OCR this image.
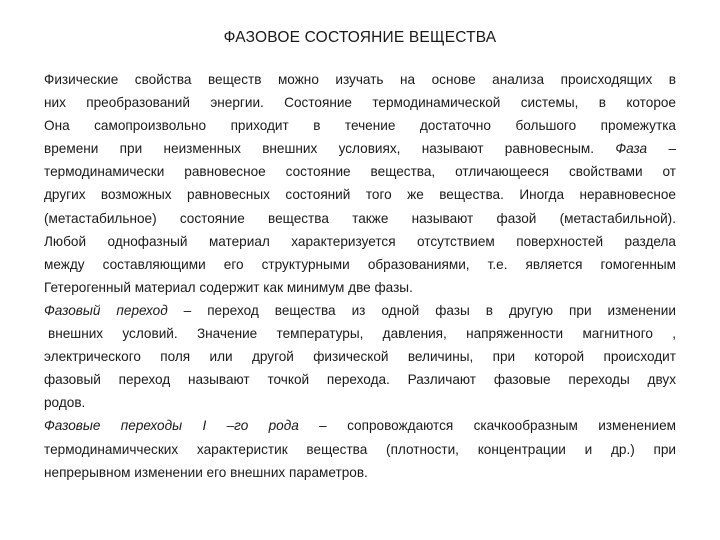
ФАЗОВОЕ СОСТОЯНИЕ ВЕЩЕСТВА
Физические свойства веществ можно изучать на основе анализа происходящих в
них преобразований энергии. Состояние термодинамической системы, в которое
Она самопроизвольно приходит в течение достаточно большого промежутка
времени при неизменных внешних условиях, называют равновесным. Фаза –
термодинамически равновесное состояние вещества, отличающееся свойствами от
других возможных равновесных состояний того же вещества. Иногда неравновесное
(метастабильное) состояние вещества также называют фазой (метастабильной).
Любой однофазный материал характеризуется отсутствием поверхностей раздела
между составляющими его структурными образованиями, т.е. является гомогенным
Гетерогенный материал содержит как минимум две фазы.
Фазовый переход – переход вещества из одной фазы в другую при изменении
внешних условий. Значение температуры, давления, напряженности магнитного ,
электрического поля или другой физической величины, при которой происходит
фазовый переход называют точкой перехода. Различают фазовые переходы двух
родов.
Фазовые переходы I –го рода – сопровождаются скачкообразным изменением
термодинамичческих характеристик вещества (плотности, концентрации и др.) при
непрерывном изменении его внешних параметров.
